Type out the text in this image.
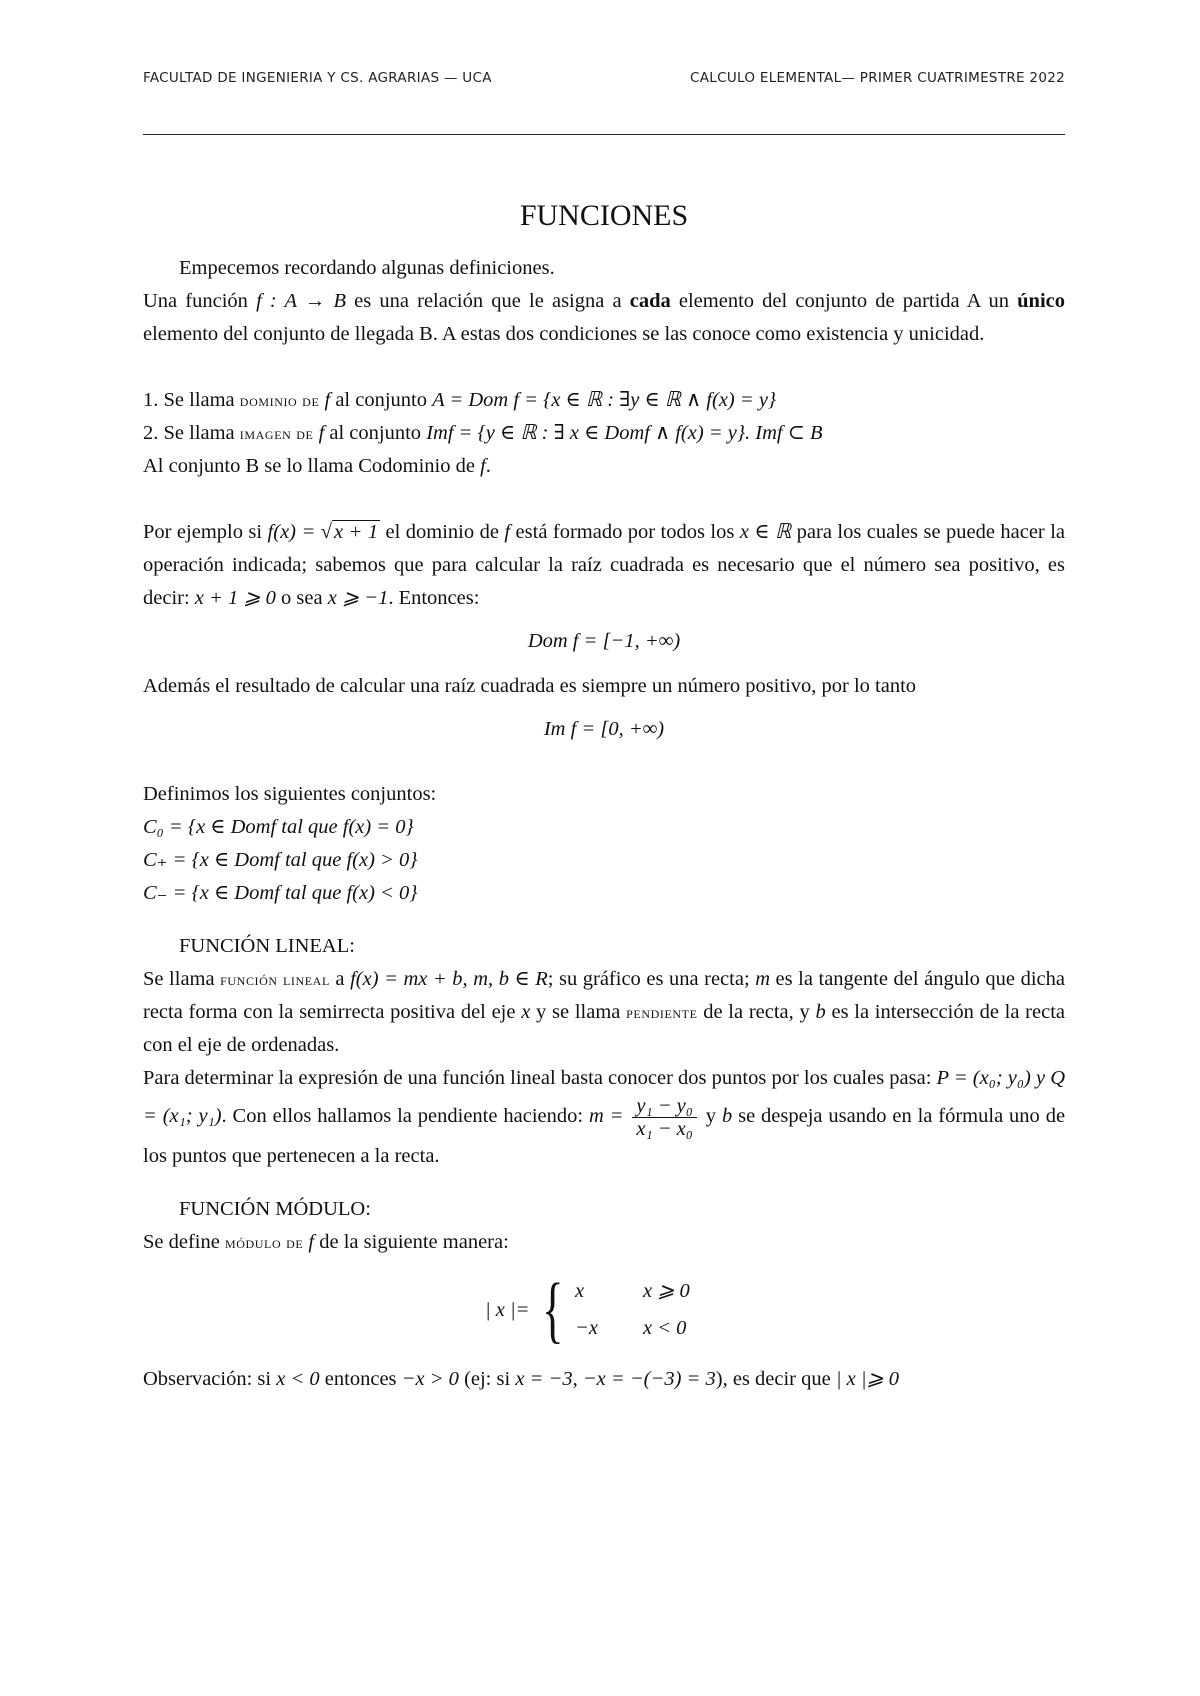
FACULTAD DE INGENIERIA Y CS. AGRARIAS — UCA	CALCULO ELEMENTAL— PRIMER CUATRIMESTRE 2022
FUNCIONES

Empecemos recordando algunas definiciones.

Una función f : A → B es una relación que le asigna a cada elemento del conjunto de partida A un único elemento del conjunto de llegada B. A estas dos condiciones se las conoce como existencia y unicidad.

1. Se llama dominio de f al conjunto A = Dom f = {x ∈ ℝ : ∃y ∈ ℝ ∧ f(x) = y}

2. Se llama imagen de f al conjunto Imf = {y ∈ ℝ : ∃ x ∈ Domf ∧ f(x) = y}. Imf ⊂ B

Al conjunto B se lo llama Codominio de f.

Por ejemplo si f(x) = √x + 1 el dominio de f está formado por todos los x ∈ ℝ para los cuales se puede hacer la operación indicada; sabemos que para calcular la raíz cuadrada es necesario que el número sea positivo, es decir: x + 1 ⩾ 0 o sea x ⩾ −1. Entonces:

Dom f = [−1, +∞)

Además el resultado de calcular una raíz cuadrada es siempre un número positivo, por lo tanto

Im f = [0, +∞)

Definimos los siguientes conjuntos:

C₀ = {x ∈ Domf tal que f(x) = 0}

C₊ = {x ∈ Domf tal que f(x) > 0}

C₋ = {x ∈ Domf tal que f(x) < 0}

FUNCIÓN LINEAL:

Se llama función lineal a f(x) = mx + b, m, b ∈ R; su gráfico es una recta; m es la tangente del ángulo que dicha recta forma con la semirrecta positiva del eje x y se llama pendiente de la recta, y b es la intersección de la recta con el eje de ordenadas.

Para determinar la expresión de una función lineal basta conocer dos puntos por los cuales pasa: P = (x₀; y₀) y Q = (x₁; y₁). Con ellos hallamos la pendiente haciendo: $m = \frac{\text{y₁ − y₀}}{\text{x₁ − x₀}}$ y b se despeja usando en la fórmula uno de los puntos que pertenecen a la recta.

FUNCIÓN MÓDULO:

Se define módulo de f de la siguiente manera:

| x |= { x	x ⩾ 0
−x	x < 0

Observación: si x < 0 entonces −x > 0 (ej: si x = −3, −x = −(−3) = 3), es decir que | x |⩾ 0
